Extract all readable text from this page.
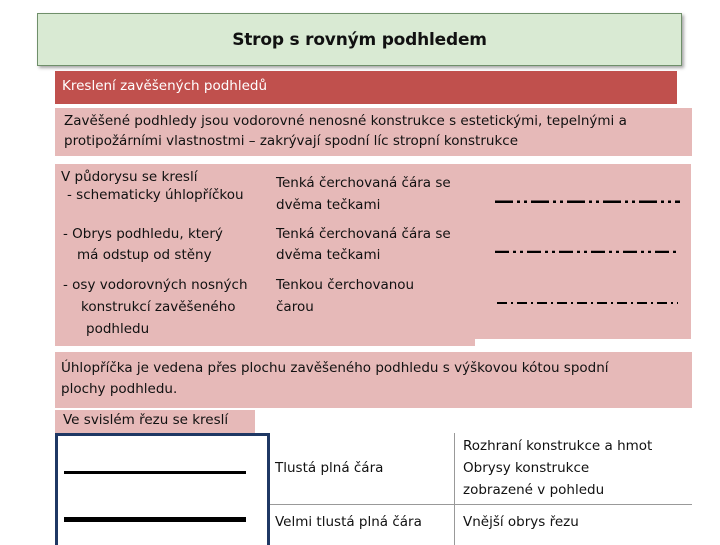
Strop s rovným podhledem
Kreslení zavěšených podhledů
Zavěšené podhledy jsou vodorovné nenosné konstrukce s estetickými, tepelnými a
protipožárními vlastnostmi – zakrývají spodní líc stropní konstrukce
V půdorysu se kreslí
- schematicky úhlopříčkou
Tenká čerchovaná čára se
dvěma tečkami
- Obrys podhledu, který
má odstup od stěny
Tenká čerchovaná čára se
dvěma tečkami
- osy vodorovných nosných
konstrukcí zavěšeného
podhledu
Tenkou čerchovanou
čarou
Úhlopříčka je vedena přes plochu zavěšeného podhledu s výškovou kótou spodní
plochy podhledu.
Ve svislém řezu se kreslí
Tlustá plná čára
Rozhraní konstrukce a hmot
Obrysy konstrukce
zobrazené v pohledu
Velmi tlustá plná čára	Vnější obrys řezu
